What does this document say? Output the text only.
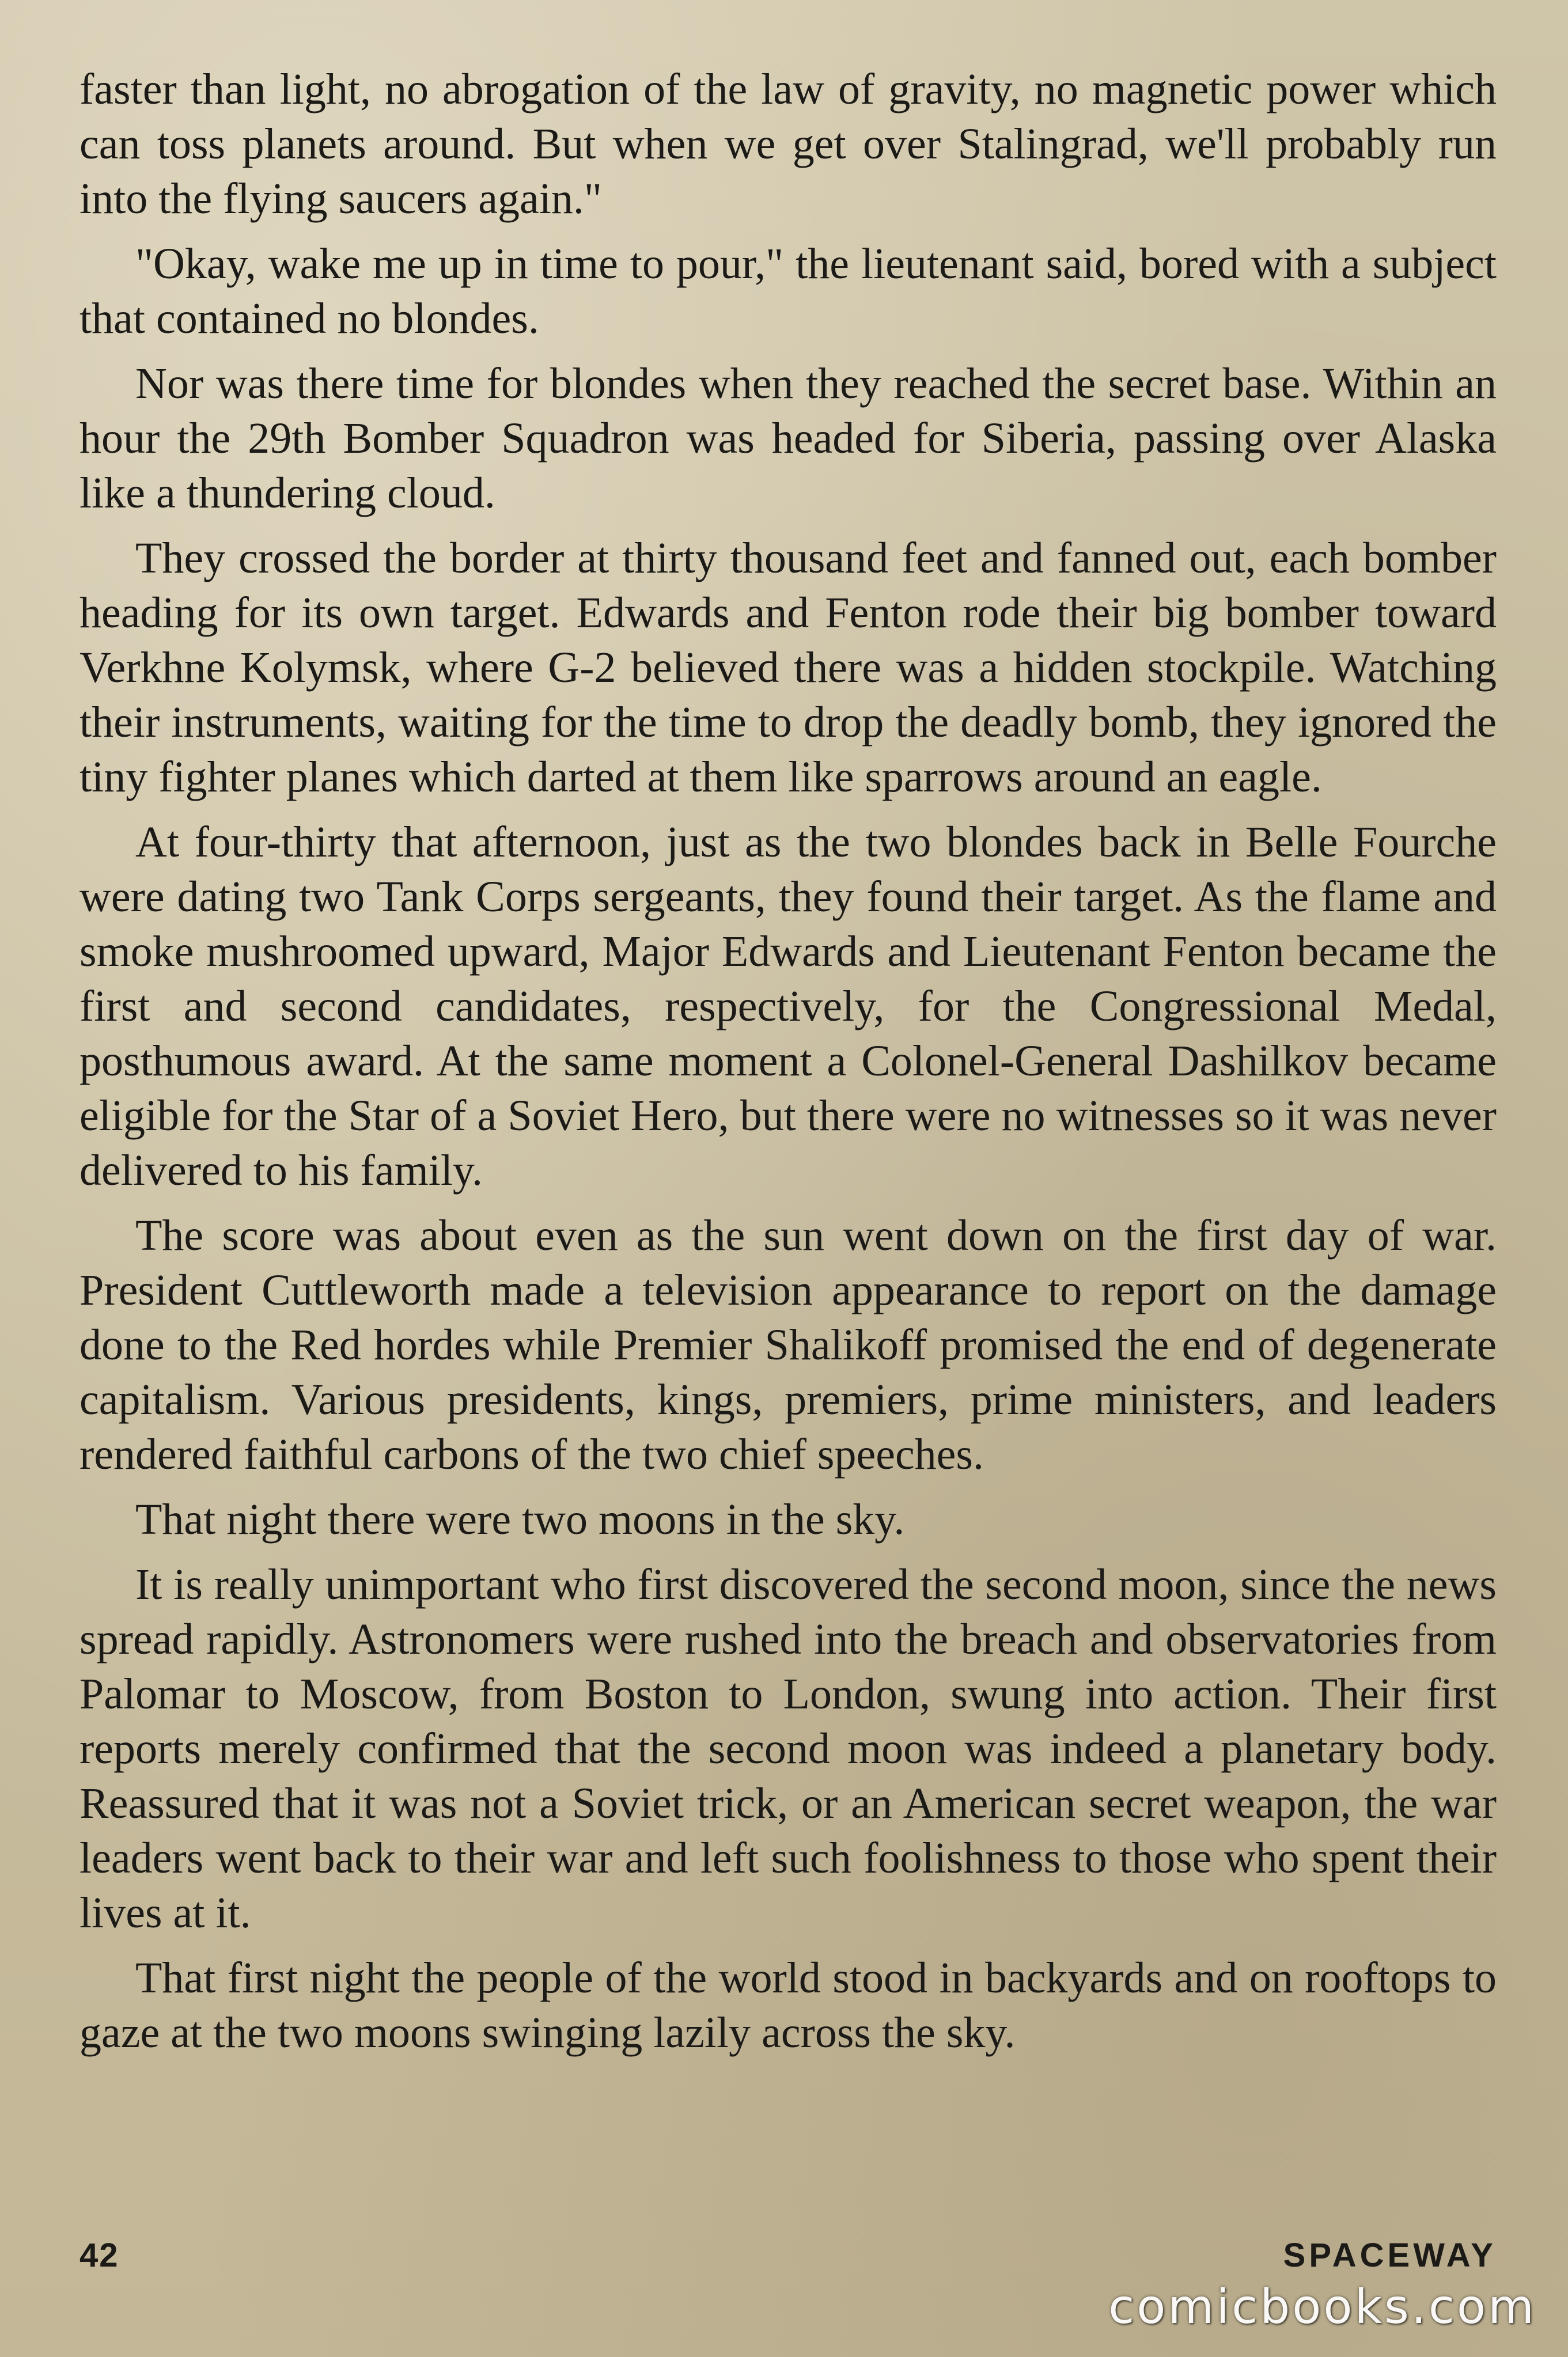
faster than light, no abrogation of the law of gravity, no magnetic power which can toss planets around. But when we get over Stalingrad, we'll probably run into the flying saucers again."

"Okay, wake me up in time to pour," the lieutenant said, bored with a subject that contained no blondes.

Nor was there time for blondes when they reached the secret base. Within an hour the 29th Bomber Squadron was headed for Siberia, passing over Alaska like a thundering cloud.

They crossed the border at thirty thousand feet and fanned out, each bomber heading for its own target. Edwards and Fenton rode their big bomber toward Verkhne Kolymsk, where G-2 believed there was a hidden stockpile. Watching their instruments, waiting for the time to drop the deadly bomb, they ignored the tiny fighter planes which darted at them like sparrows around an eagle.

At four-thirty that afternoon, just as the two blondes back in Belle Fourche were dating two Tank Corps sergeants, they found their target. As the flame and smoke mushroomed upward, Major Edwards and Lieutenant Fenton became the first and second candidates, respectively, for the Congressional Medal, posthumous award. At the same moment a Colonel-General Dashilkov became eligible for the Star of a Soviet Hero, but there were no witnesses so it was never delivered to his family.

The score was about even as the sun went down on the first day of war. President Cuttleworth made a television appearance to report on the damage done to the Red hordes while Premier Shalikoff promised the end of degenerate capitalism. Various presidents, kings, premiers, prime ministers, and leaders rendered faithful carbons of the two chief speeches.

That night there were two moons in the sky.

It is really unimportant who first discovered the second moon, since the news spread rapidly. Astronomers were rushed into the breach and observatories from Palomar to Moscow, from Boston to London, swung into action. Their first reports merely confirmed that the second moon was indeed a planetary body. Reassured that it was not a Soviet trick, or an American secret weapon, the war leaders went back to their war and left such foolishness to those who spent their lives at it.

That first night the people of the world stood in backyards and on rooftops to gaze at the two moons swinging lazily across the sky.

42	SPACEWAY
comicbooks.com
